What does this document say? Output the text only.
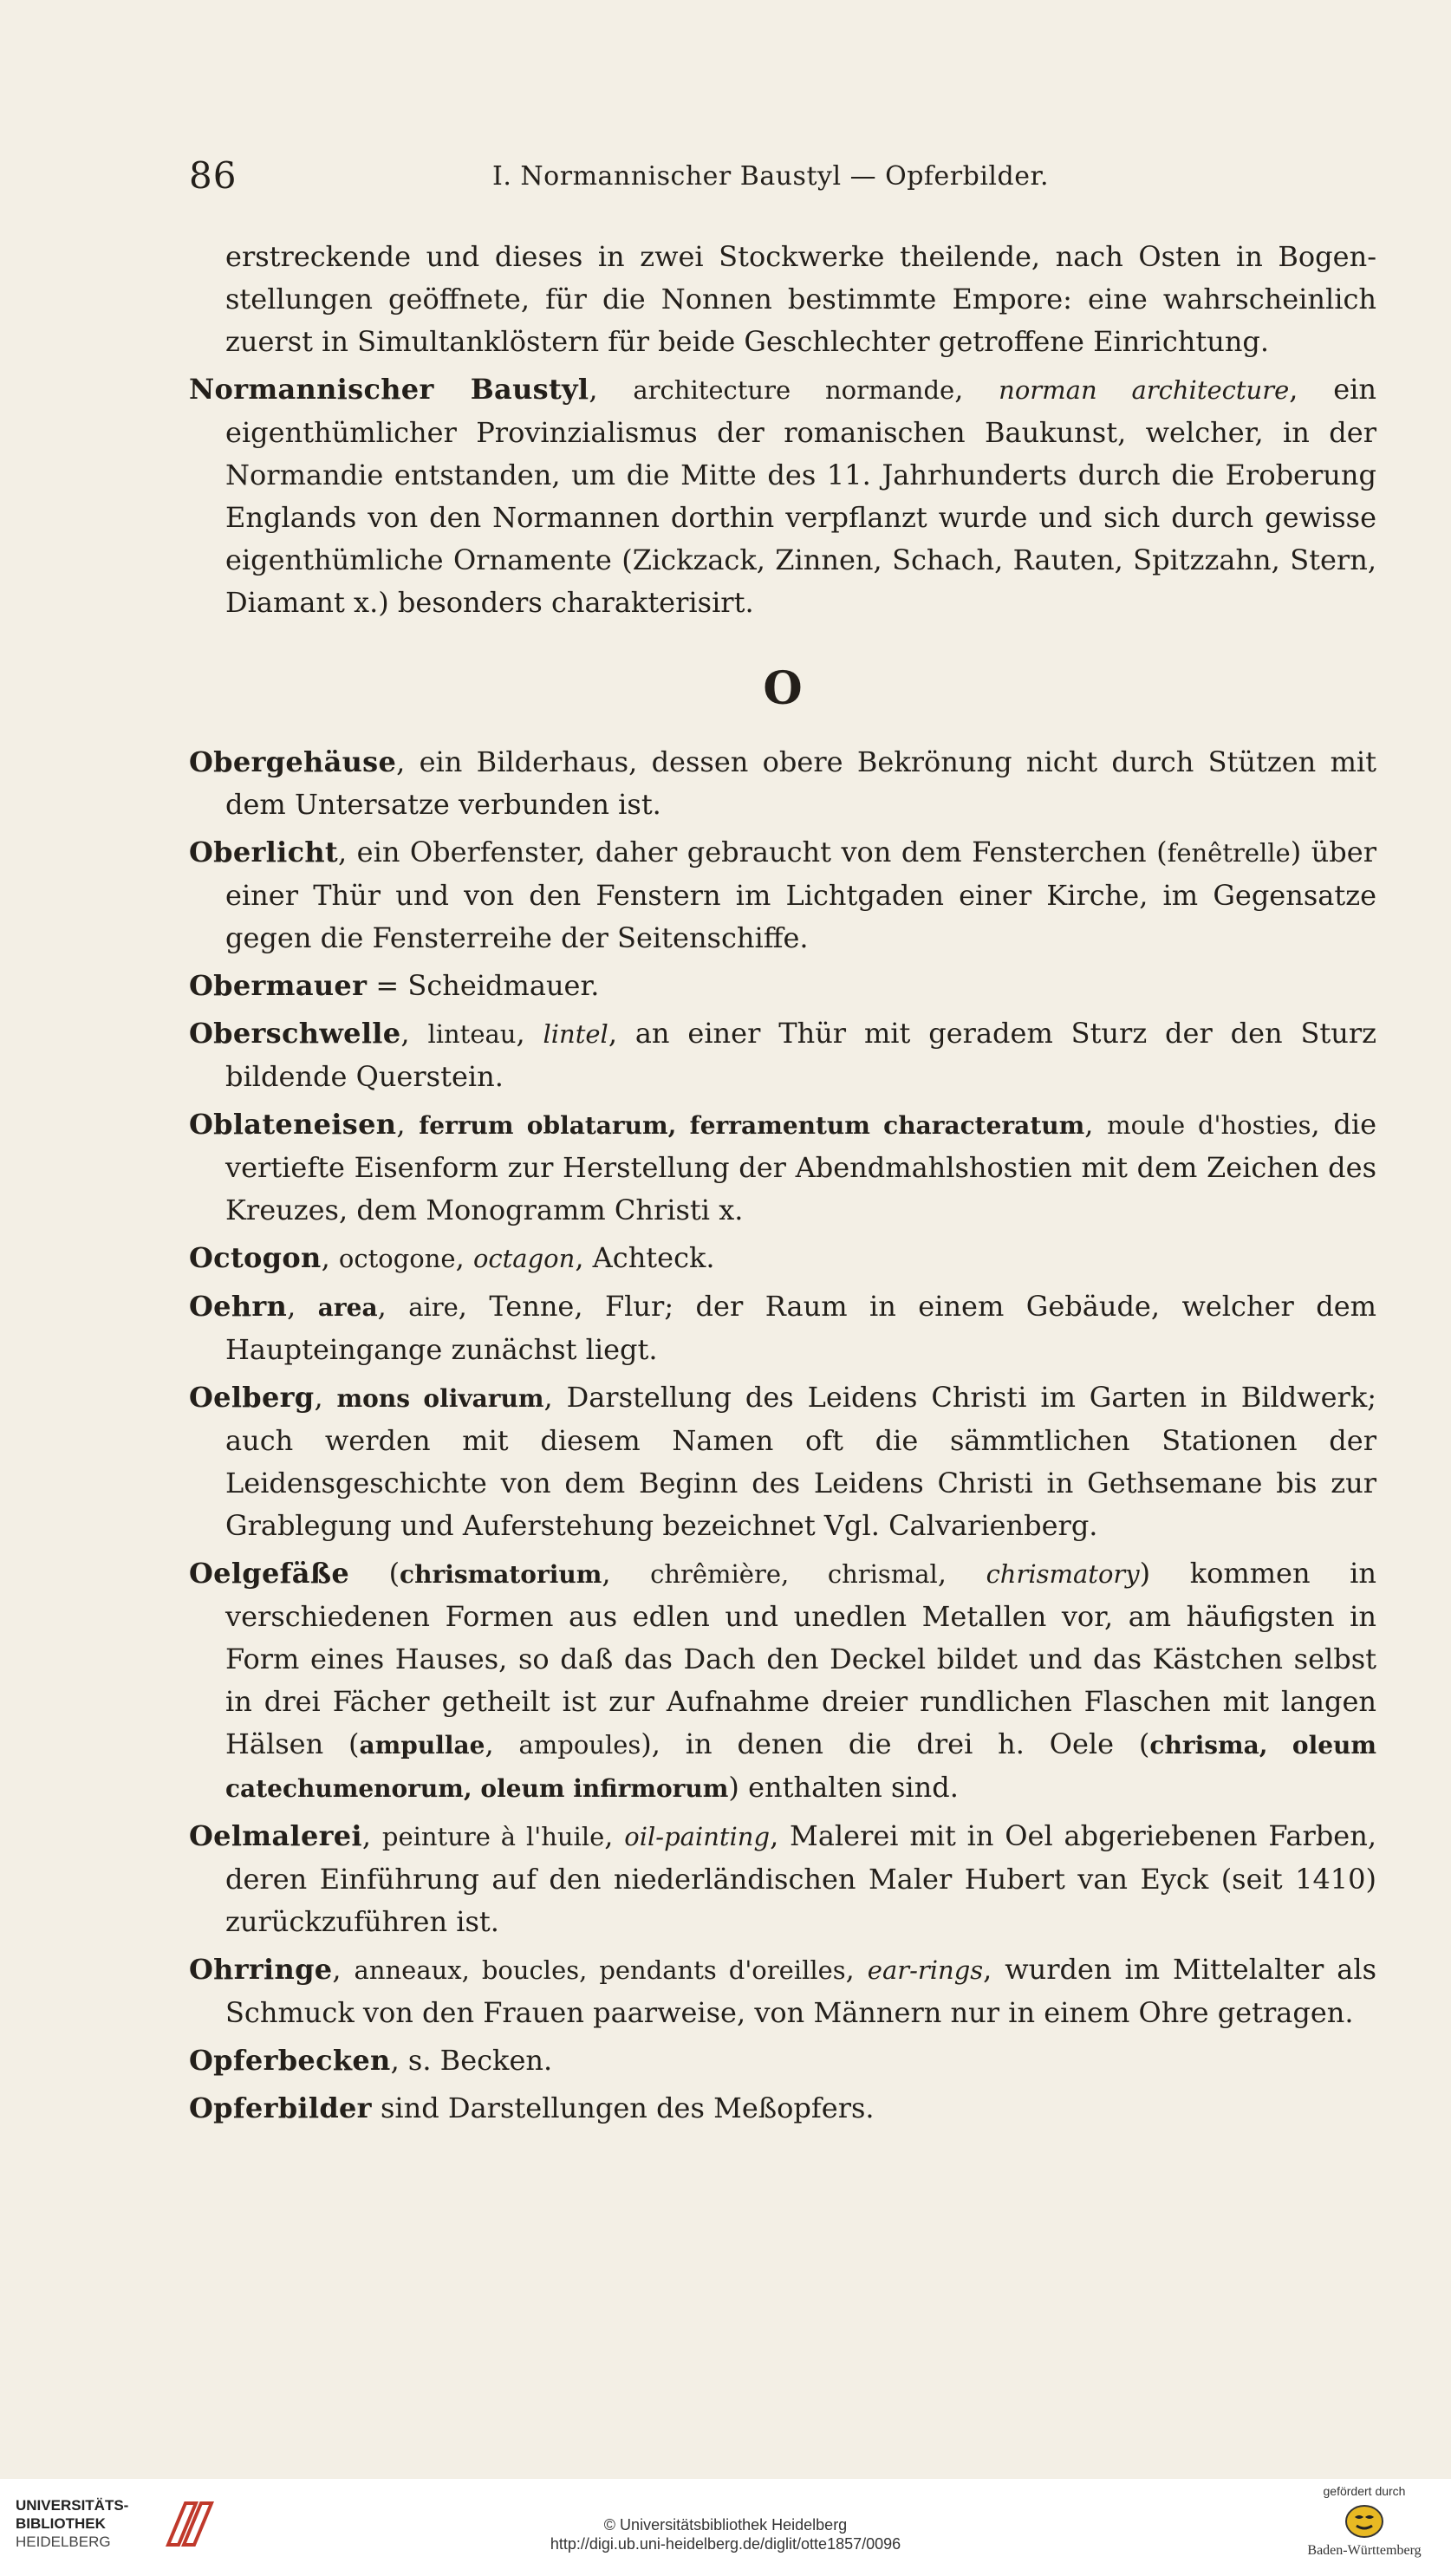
86	I. Normannischer Baustyl — Opferbilder.

erstreckende und dieses in zwei Stockwerke theilende, nach Osten in Bogenstellungen geöffnete, für die Nonnen bestimmte Empore: eine wahrscheinlich zuerst in Simultanklöstern für beide Geschlechter getroffene Einrichtung.

Normannischer Baustyl, architecture normande, norman architecture, ein eigenthümlicher Provinzialismus der romanischen Baukunst, welcher, in der Normandie entstanden, um die Mitte des 11. Jahrhunderts durch die Eroberung Englands von den Normannen dorthin verpflanzt wurde und sich durch gewisse eigenthümliche Ornamente (Zickzack, Zinnen, Schach, Rauten, Spitzzahn, Stern, Diamant x.) besonders charakterisirt.

O

Obergehäuse, ein Bilderhaus, dessen obere Bekrönung nicht durch Stützen mit dem Untersatze verbunden ist.

Oberlicht, ein Oberfenster, daher gebraucht von dem Fensterchen (fenêtrelle) über einer Thür und von den Fenstern im Lichtgaden einer Kirche, im Gegensatze gegen die Fensterreihe der Seitenschiffe.

Obermauer = Scheidmauer.

Oberschwelle, linteau, lintel, an einer Thür mit geradem Sturz der den Sturz bildende Querstein.

Oblateneisen, ferrum oblatarum, ferramentum characteratum, moule d'hosties, die vertiefte Eisenform zur Herstellung der Abendmahlshostien mit dem Zeichen des Kreuzes, dem Monogramm Christi x.

Octogon, octogone, octagon, Achteck.

Oehrn, area, aire, Tenne, Flur; der Raum in einem Gebäude, welcher dem Haupteingange zunächst liegt.

Oelberg, mons olivarum, Darstellung des Leidens Christi im Garten in Bildwerk; auch werden mit diesem Namen oft die sämmtlichen Stationen der Leidensgeschichte von dem Beginn des Leidens Christi in Gethsemane bis zur Grablegung und Auferstehung bezeichnet Vgl. Calvarienberg.

Oelgefäße (chrismatorium, chrêmière, chrismal, chrismatory) kommen in verschiedenen Formen aus edlen und unedlen Metallen vor, am häufigsten in Form eines Hauses, so daß das Dach den Deckel bildet und das Kästchen selbst in drei Fächer getheilt ist zur Aufnahme dreier rundlichen Flaschen mit langen Hälsen (ampullae, ampoules), in denen die drei h. Oele (chrisma, oleum catechumenorum, oleum infirmorum) enthalten sind.

Oelmalerei, peinture à l'huile, oil-painting, Malerei mit in Oel abgeriebenen Farben, deren Einführung auf den niederländischen Maler Hubert van Eyck (seit 1410) zurückzuführen ist.

Ohrringe, anneaux, boucles, pendants d'oreilles, ear-rings, wurden im Mittelalter als Schmuck von den Frauen paarweise, von Männern nur in einem Ohre getragen.

Opferbecken, s. Becken.

Opferbilder sind Darstellungen des Meßopfers.

UNIVERSITÄTS-
BIBLIOTHEK
HEIDELBERG
© Universitätsbibliothek Heidelberg
http://digi.ub.uni-heidelberg.de/diglit/otte1857/0096
gefördert durch
Baden-Württemberg
